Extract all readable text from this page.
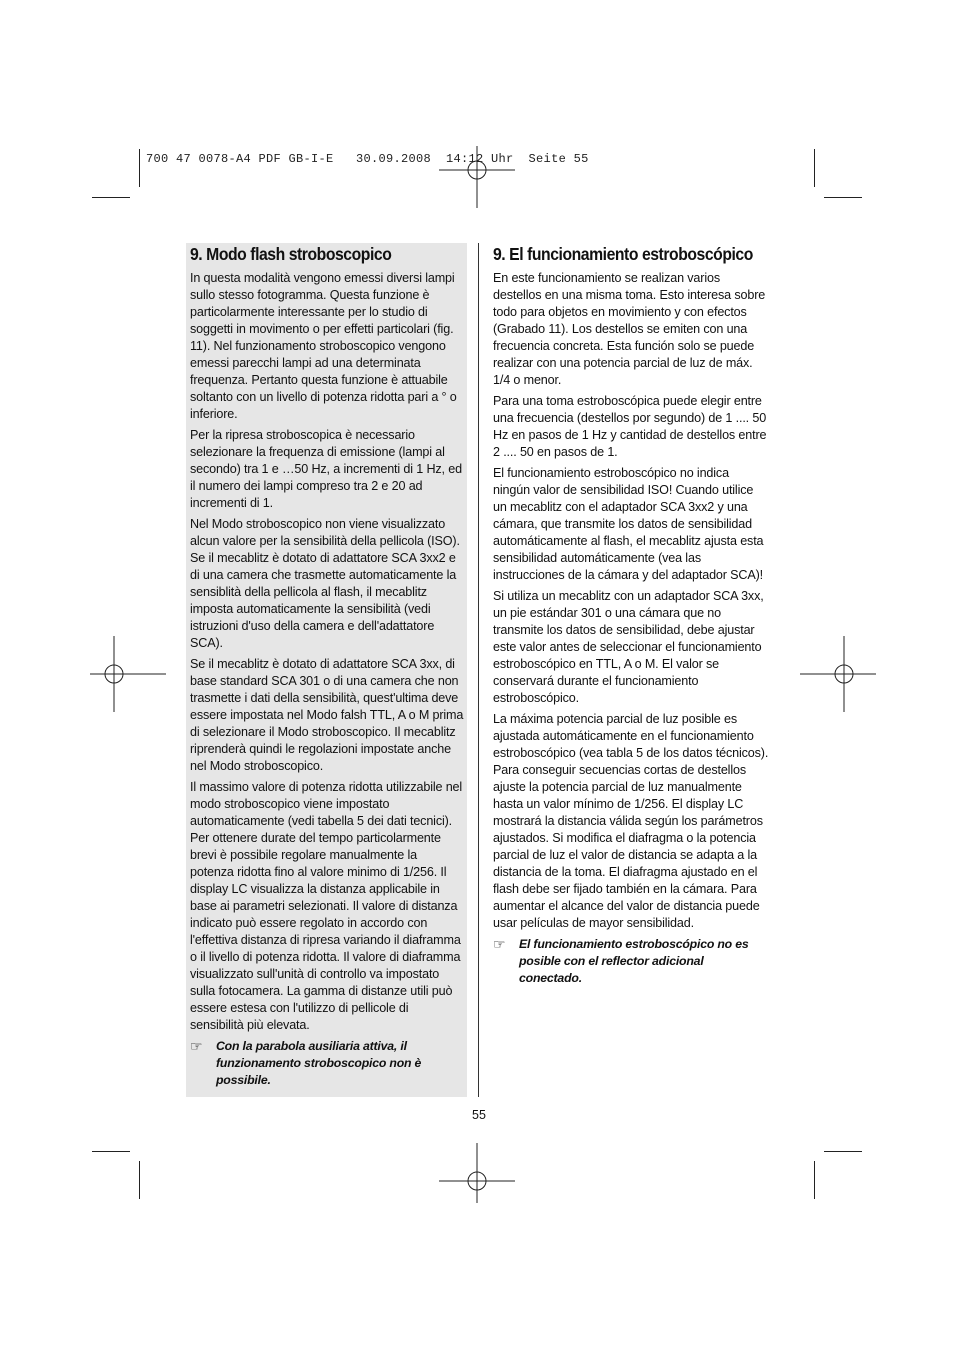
700 47 0078-A4 PDF GB-I-E   30.09.2008  14:12 Uhr  Seite 55
9. Modo flash stroboscopico

In questa modalità vengono emessi diversi lampi sullo stesso fotogramma. Questa funzione è particolarmente interessante per lo studio di soggetti in movimento o per effetti particolari (fig. 11). Nel funzionamento stroboscopico vengono emessi parecchi lampi ad una determinata frequenza. Pertanto questa funzione è attuabile soltanto con un livello di potenza ridotta pari a ° o inferiore.

Per la ripresa stroboscopica è necessario selezionare la frequenza di emissione (lampi al secondo) tra 1 e …50 Hz, a incrementi di 1 Hz, ed il numero dei lampi compreso tra 2 e 20 ad incrementi di 1.

Nel Modo stroboscopico non viene visualizzato alcun valore per la sensibilità della pellicola (ISO). Se il mecablitz è dotato di adattatore SCA 3xx2 e di una camera che trasmette automaticamente la sensiblità della pellicola al flash, il mecablitz imposta automaticamente la sensibilità (vedi istruzioni d'uso della camera e dell'adattatore SCA).

Se il mecablitz è dotato di adattatore SCA 3xx, di base standard SCA 301 o di una camera che non trasmette i dati della sensibilità, quest'ultima deve essere impostata nel Modo falsh TTL, A o M prima di selezionare il Modo stroboscopico. Il mecablitz riprenderà quindi le regolazioni impostate anche nel Modo stroboscopico.

Il massimo valore di potenza ridotta utilizzabile nel modo stroboscopico viene impostato automaticamente (vedi tabella 5 dei dati tecnici). Per ottenere durate del tempo particolarmente brevi è possibile regolare manualmente la potenza ridotta fino al valore minimo di 1/256. Il display LC visualizza la distanza applicabile in base ai parametri selezionati. Il valore di distanza indicato può essere regolato in accordo con l'effettiva distanza di ripresa variando il diaframma o il livello di potenza ridotta. Il valore di diaframma visualizzato sull'unità di controllo va impostato sulla fotocamera. La gamma di distanze utili può essere estesa con l'utilizzo di pellicole di sensibilità più elevata.

☞	Con la parabola ausiliaria attiva, il funzionamento stroboscopico non è possibile.
9. El funcionamiento estroboscópico

En este funcionamiento se realizan varios destellos en una misma toma. Esto interesa sobre todo para objetos en movimiento y con efectos (Grabado 11). Los destellos se emiten con una frecuencia concreta. Esta función solo se puede realizar con una potencia parcial de luz de máx. 1/4 o menor.

Para una toma estroboscópica puede elegir entre una frecuencia (destellos por segundo) de 1 .... 50 Hz en pasos de 1 Hz y cantidad de destellos entre 2 .... 50 en pasos de 1.

El funcionamiento estroboscópico no indica ningún valor de sensibilidad ISO! Cuando utilice un mecablitz con el adaptador SCA 3xx2 y una cámara, que transmite los datos de sensibilidad automáticamente al flash, el mecablitz ajusta esta sensibilidad automáticamente (vea las instrucciones de la cámara y del adaptador SCA)!

Si utiliza un mecablitz con un adaptador SCA 3xx, un pie estándar 301 o una cámara que no transmite los datos de sensibilidad, debe ajustar este valor antes de seleccionar el funcionamiento estroboscópico en TTL, A o M. El valor se conservará durante el funcionamiento estroboscópico.

La máxima potencia parcial de luz posible es ajustada automáticamente en el funcionamiento estroboscópico (vea tabla 5 de los datos técnicos). Para conseguir secuencias cortas de destellos ajuste la potencia parcial de luz manualmente hasta un valor mínimo de 1/256. El display LC mostrará la distancia válida según los parámetros ajustados. Si modifica el diafragma o la potencia parcial de luz el valor de distancia se adapta a la distancia de la toma. El diafragma ajustado en el flash debe ser fijado también en la cámara. Para aumentar el alcance del valor de distancia puede usar películas de mayor sensibilidad.

☞	El funcionamiento estroboscópico no es posible con el reflector adicional conectado.
55
